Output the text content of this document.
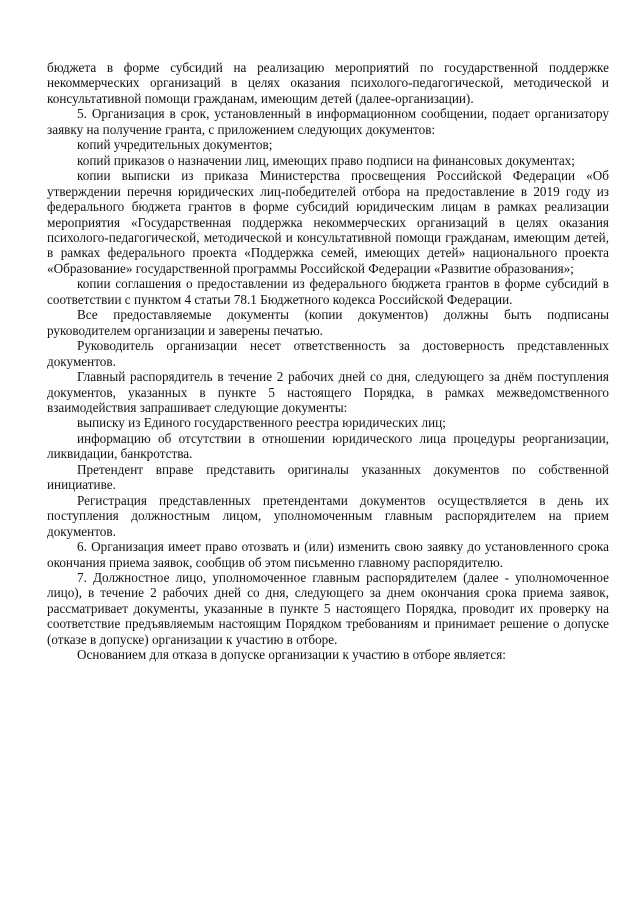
бюджета в форме субсидий на реализацию мероприятий по государственной поддержке некоммерческих организаций в целях оказания психолого-педагогической, методической и консультативной помощи гражданам, имеющим детей (далее-организации).

5. Организация в срок, установленный в информационном сообщении, подает организатору заявку на получение гранта, с приложением следующих документов:

копий учредительных документов;

копий приказов о назначении лиц, имеющих право подписи на финансовых документах;

копии выписки из приказа Министерства просвещения Российской Федерации «Об утверждении перечня юридических лиц-победителей отбора на предоставление в 2019 году из федерального бюджета грантов в форме субсидий юридическим лицам в рамках реализации мероприятия «Государственная поддержка некоммерческих организаций в целях оказания психолого-педагогической, методической и консультативной помощи гражданам, имеющим детей, в рамках федерального проекта «Поддержка семей, имеющих детей» национального проекта «Образование» государственной программы Российской Федерации «Развитие образования»;

копии соглашения о предоставлении из федерального бюджета грантов в форме субсидий в соответствии с пунктом 4 статьи 78.1 Бюджетного кодекса Российской Федерации.

Все предоставляемые документы (копии документов) должны быть подписаны руководителем организации и заверены печатью.

Руководитель организации несет ответственность за достоверность представленных документов.

Главный распорядитель в течение 2 рабочих дней со дня, следующего за днём поступления документов, указанных в пункте 5 настоящего Порядка, в рамках межведомственного взаимодействия запрашивает следующие документы:

выписку из Единого государственного реестра юридических лиц;

информацию об отсутствии в отношении юридического лица процедуры реорганизации, ликвидации, банкротства.

Претендент вправе представить оригиналы указанных документов по собственной инициативе.

Регистрация представленных претендентами документов осуществляется в день их поступления должностным лицом, уполномоченным главным распорядителем на прием документов.

6. Организация имеет право отозвать и (или) изменить свою заявку до установленного срока окончания приема заявок, сообщив об этом письменно главному распорядителю.

7. Должностное лицо, уполномоченное главным распорядителем (далее - уполномоченное лицо), в течение 2 рабочих дней со дня, следующего за днем окончания срока приема заявок, рассматривает документы, указанные в пункте 5 настоящего Порядка, проводит их проверку на соответствие предъявляемым настоящим Порядком требованиям и принимает решение о допуске (отказе в допуске) организации к участию в отборе.

Основанием для отказа в допуске организации к участию в отборе является:
